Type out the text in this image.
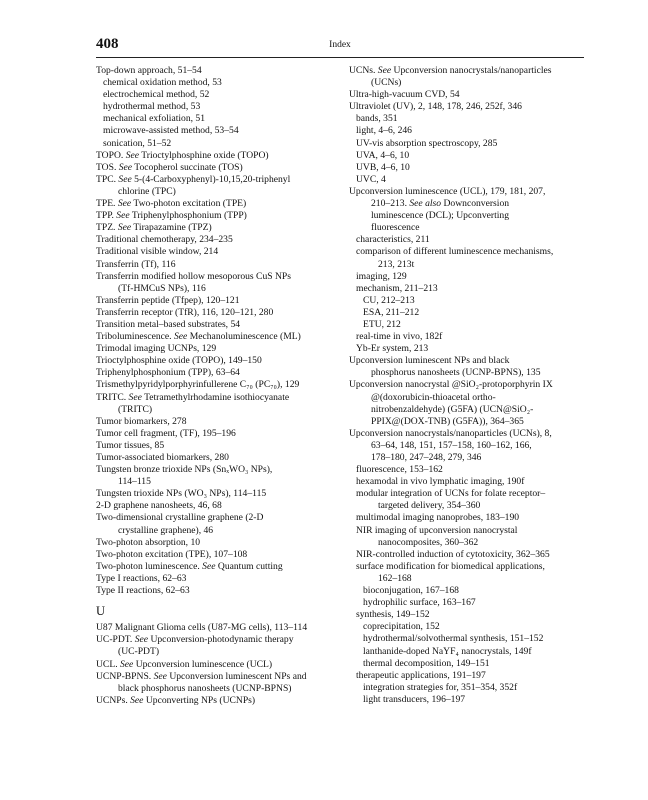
408	Index

Top-down approach, 51–54

chemical oxidation method, 53

electrochemical method, 52

hydrothermal method, 53

mechanical exfoliation, 51

microwave-assisted method, 53–54

sonication, 51–52

TOPO. See Trioctylphosphine oxide (TOPO)

TOS. See Tocopherol succinate (TOS)

TPC. See 5-(4-Carboxyphenyl)-10,15,20-triphenyl

chlorine (TPC)

TPE. See Two-photon excitation (TPE)

TPP. See Triphenylphosphonium (TPP)

TPZ. See Tirapazamine (TPZ)

Traditional chemotherapy, 234–235

Traditional visible window, 214

Transferrin (Tf), 116

Transferrin modified hollow mesoporous CuS NPs

(Tf-HMCuS NPs), 116

Transferrin peptide (Tfpep), 120–121

Transferrin receptor (TfR), 116, 120–121, 280

Transition metal–based substrates, 54

Triboluminescence. See Mechanoluminescence (ML)

Trimodal imaging UCNPs, 129

Trioctylphosphine oxide (TOPO), 149–150

Triphenylphosphonium (TPP), 63–64

Trismethylpyridylporphyrinfullerene C₇₀ (PC₇₀), 129

TRITC. See Tetramethylrhodamine isothiocyanate

(TRITC)

Tumor biomarkers, 278

Tumor cell fragment, (TF), 195–196

Tumor tissues, 85

Tumor-associated biomarkers, 280

Tungsten bronze trioxide NPs (SnₓWO₃ NPs),

114–115

Tungsten trioxide NPs (WO₃ NPs), 114–115

2-D graphene nanosheets, 46, 68

Two-dimensional crystalline graphene (2-D

crystalline graphene), 46

Two-photon absorption, 10

Two-photon excitation (TPE), 107–108

Two-photon luminescence. See Quantum cutting

Type I reactions, 62–63

Type II reactions, 62–63

U

U87 Malignant Glioma cells (U87-MG cells), 113–114

UC-PDT. See Upconversion-photodynamic therapy

(UC-PDT)

UCL. See Upconversion luminescence (UCL)

UCNP-BPNS. See Upconversion luminescent NPs and

black phosphorus nanosheets (UCNP-BPNS)

UCNPs. See Upconverting NPs (UCNPs)

UCNs. See Upconversion nanocrystals/nanoparticles

(UCNs)

Ultra-high-vacuum CVD, 54

Ultraviolet (UV), 2, 148, 178, 246, 252f, 346

bands, 351

light, 4–6, 246

UV-vis absorption spectroscopy, 285

UVA, 4–6, 10

UVB, 4–6, 10

UVC, 4

Upconversion luminescence (UCL), 179, 181, 207,

210–213. See also Downconversion

luminescence (DCL); Upconverting

fluorescence

characteristics, 211

comparison of different luminescence mechanisms,

213, 213t

imaging, 129

mechanism, 211–213

CU, 212–213

ESA, 211–212

ETU, 212

real-time in vivo, 182f

Yb-Er system, 213

Upconversion luminescent NPs and black

phosphorus nanosheets (UCNP-BPNS), 135

Upconversion nanocrystal @SiO₂-protoporphyrin IX

@(doxorubicin-thioacetal ortho-

nitrobenzaldehyde) (G5FA) (UCN@SiO₂-

PPIX@(DOX-TNB) (G5FA)), 364–365

Upconversion nanocrystals/nanoparticles (UCNs), 8,

63–64, 148, 151, 157–158, 160–162, 166,

178–180, 247–248, 279, 346

fluorescence, 153–162

hexamodal in vivo lymphatic imaging, 190f

modular integration of UCNs for folate receptor–

targeted delivery, 354–360

multimodal imaging nanoprobes, 183–190

NIR imaging of upconversion nanocrystal

nanocomposites, 360–362

NIR-controlled induction of cytotoxicity, 362–365

surface modification for biomedical applications,

162–168

bioconjugation, 167–168

hydrophilic surface, 163–167

synthesis, 149–152

coprecipitation, 152

hydrothermal/solvothermal synthesis, 151–152

lanthanide-doped NaYF₄ nanocrystals, 149f

thermal decomposition, 149–151

therapeutic applications, 191–197

integration strategies for, 351–354, 352f

light transducers, 196–197
